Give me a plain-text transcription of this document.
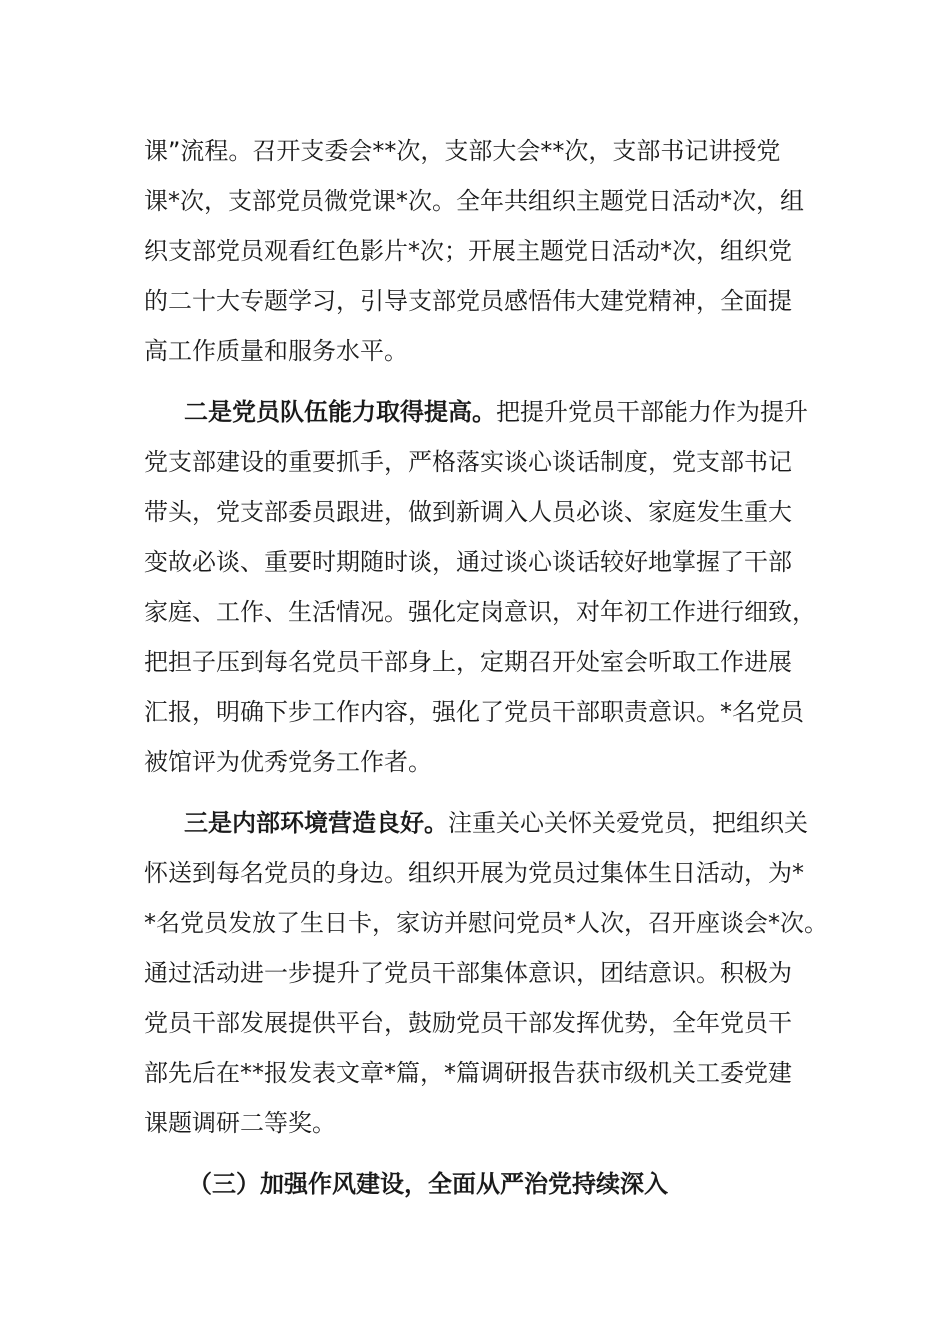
课”流程。召开支委会**次，支部大会**次，支部书记讲授党
课*次，支部党员微党课*次。全年共组织主题党日活动*次，组
织支部党员观看红色影片*次；开展主题党日活动*次，组织党
的二十大专题学习，引导支部党员感悟伟大建党精神，全面提
高工作质量和服务水平。
二是党员队伍能力取得提高。把提升党员干部能力作为提升
党支部建设的重要抓手，严格落实谈心谈话制度，党支部书记
带头，党支部委员跟进，做到新调入人员必谈、家庭发生重大
变故必谈、重要时期随时谈，通过谈心谈话较好地掌握了干部
家庭、工作、生活情况。强化定岗意识，对年初工作进行细致，
把担子压到每名党员干部身上，定期召开处室会听取工作进展
汇报，明确下步工作内容，强化了党员干部职责意识。*名党员
被馆评为优秀党务工作者。
三是内部环境营造良好。注重关心关怀关爱党员，把组织关
怀送到每名党员的身边。组织开展为党员过集体生日活动，为*
*名党员发放了生日卡，家访并慰问党员*人次，召开座谈会*次。
通过活动进一步提升了党员干部集体意识，团结意识。积极为
党员干部发展提供平台，鼓励党员干部发挥优势，全年党员干
部先后在**报发表文章*篇，*篇调研报告获市级机关工委党建
课题调研二等奖。
（三）加强作风建设，全面从严治党持续深入
